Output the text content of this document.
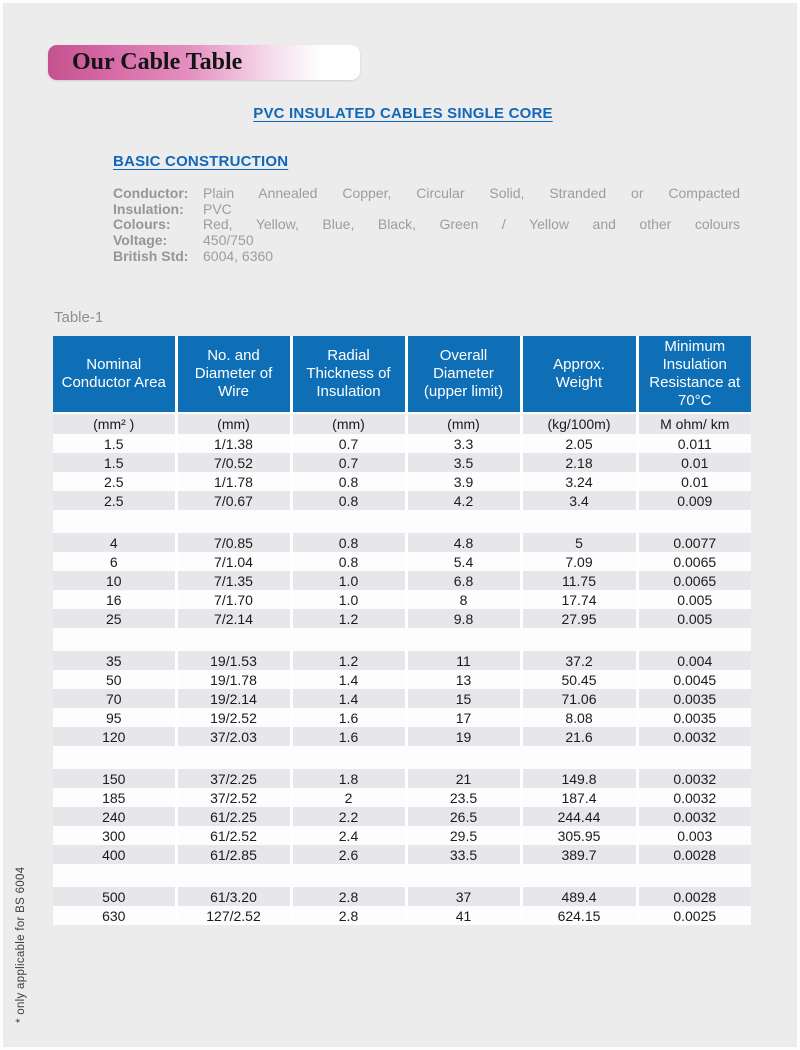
Our Cable Table
PVC INSULATED CABLES SINGLE CORE
BASIC CONSTRUCTION
Conductor:	Plain Annealed Copper, Circular Solid, Stranded or Compacted
Insulation:	PVC
Colours:	Red, Yellow, Blue, Black, Green / Yellow and other colours
Voltage:	450/750
British Std:	6004, 6360
Table-1
Nominal Conductor Area	No. and Diameter of Wire	Radial Thickness of Insulation	Overall Diameter (upper limit)	Approx. Weight	Minimum Insulation Resistance at 70°C
(mm² )	(mm)	(mm)	(mm)	(kg/100m)	M ohm/ km
1.5	1/1.38	0.7	3.3	2.05	0.011
1.5	7/0.52	0.7	3.5	2.18	0.01
2.5	1/1.78	0.8	3.9	3.24	0.01
2.5	7/0.67	0.8	4.2	3.4	0.009

4	7/0.85	0.8	4.8	5	0.0077
6	7/1.04	0.8	5.4	7.09	0.0065
10	7/1.35	1.0	6.8	11.75	0.0065
16	7/1.70	1.0	8	17.74	0.005
25	7/2.14	1.2	9.8	27.95	0.005

35	19/1.53	1.2	11	37.2	0.004
50	19/1.78	1.4	13	50.45	0.0045
70	19/2.14	1.4	15	71.06	0.0035
95	19/2.52	1.6	17	8.08	0.0035
120	37/2.03	1.6	19	21.6	0.0032

150	37/2.25	1.8	21	149.8	0.0032
185	37/2.52	2	23.5	187.4	0.0032
240	61/2.25	2.2	26.5	244.44	0.0032
300	61/2.52	2.4	29.5	305.95	0.003
400	61/2.85	2.6	33.5	389.7	0.0028

500	61/3.20	2.8	37	489.4	0.0028
630	127/2.52	2.8	41	624.15	0.0025
* only applicable for BS 6004
